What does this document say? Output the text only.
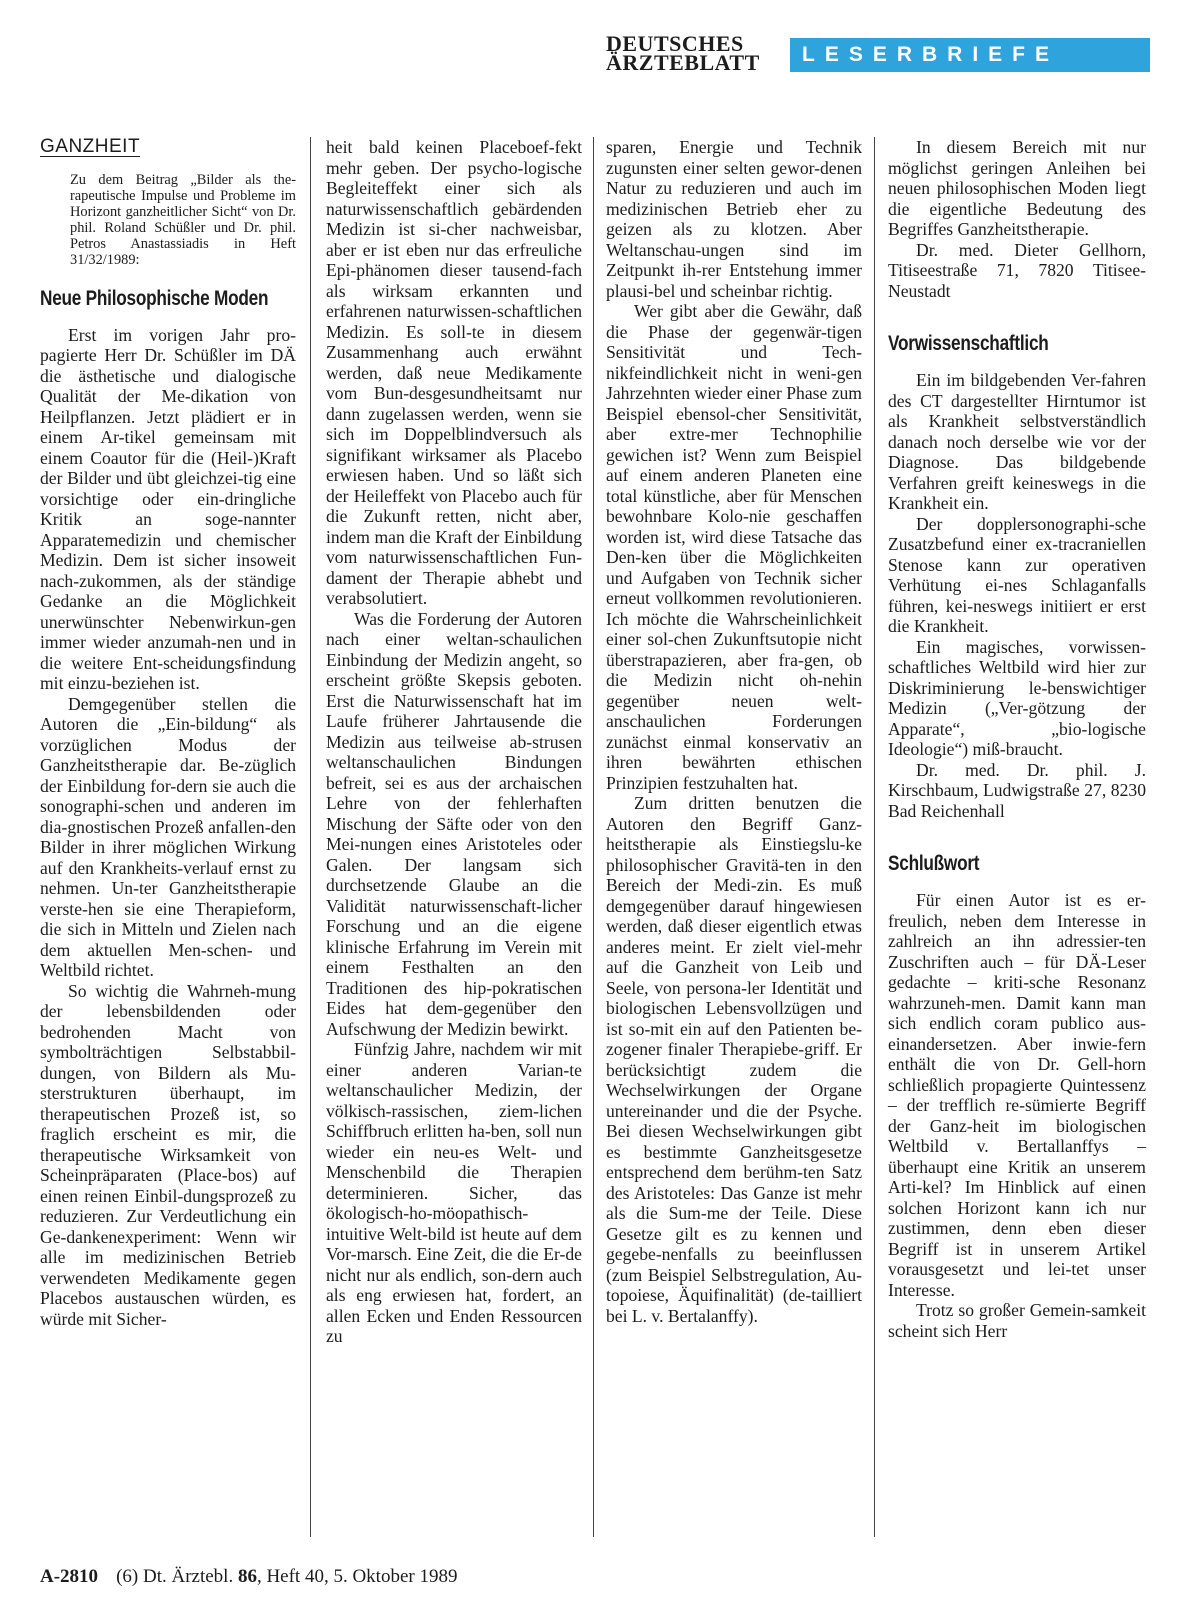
DEUTSCHES
ÄRZTEBLATT	LESERBRIEFE
GANZHEIT
Zu dem Beitrag „Bilder als the-rapeutische Impulse und Probleme im Horizont ganzheitlicher Sicht“ von Dr. phil. Roland Schüßler und Dr. phil. Petros Anastassiadis in Heft 31/32/1989:
Neue Philosophische Moden

Erst im vorigen Jahr pro-pagierte Herr Dr. Schüßler im DÄ die ästhetische und dialogische Qualität der Me-dikation von Heilpflanzen. Jetzt plädiert er in einem Ar-tikel gemeinsam mit einem Coautor für die (Heil-)Kraft der Bilder und übt gleichzei-tig eine vorsichtige oder ein-dringliche Kritik an soge-nannter Apparatemedizin und chemischer Medizin. Dem ist sicher insoweit nach-zukommen, als der ständige Gedanke an die Möglichkeit unerwünschter Nebenwirkun-gen immer wieder anzumah-nen und in die weitere Ent-scheidungsfindung mit einzu-beziehen ist.

Demgegenüber stellen die Autoren die „Ein-bildung“ als vorzüglichen Modus der Ganzheitstherapie dar. Be-züglich der Einbildung for-dern sie auch die sonographi-schen und anderen im dia-gnostischen Prozeß anfallen-den Bilder in ihrer möglichen Wirkung auf den Krankheits-verlauf ernst zu nehmen. Un-ter Ganzheitstherapie verste-hen sie eine Therapieform, die sich in Mitteln und Zielen nach dem aktuellen Men-schen- und Weltbild richtet.

So wichtig die Wahrneh-mung der lebensbildenden oder bedrohenden Macht von symbolträchtigen Selbstabbil-dungen, von Bildern als Mu-sterstrukturen überhaupt, im therapeutischen Prozeß ist, so fraglich erscheint es mir, die therapeutische Wirksamkeit von Scheinpräparaten (Place-bos) auf einen reinen Einbil-dungsprozeß zu reduzieren. Zur Verdeutlichung ein Ge-dankenexperiment: Wenn wir alle im medizinischen Betrieb verwendeten Medikamente gegen Placebos austauschen würden, es würde mit Sicher-

heit bald keinen Placeboef-fekt mehr geben. Der psycho-logische Begleiteffekt einer sich als naturwissenschaftlich gebärdenden Medizin ist si-cher nachweisbar, aber er ist eben nur das erfreuliche Epi-phänomen dieser tausend-fach als wirksam erkannten und erfahrenen naturwissen-schaftlichen Medizin. Es soll-te in diesem Zusammenhang auch erwähnt werden, daß neue Medikamente vom Bun-desgesundheitsamt nur dann zugelassen werden, wenn sie sich im Doppelblindversuch als signifikant wirksamer als Placebo erwiesen haben. Und so läßt sich der Heileffekt von Placebo auch für die Zukunft retten, nicht aber, indem man die Kraft der Einbildung vom naturwissenschaftlichen Fun-dament der Therapie abhebt und verabsolutiert.

Was die Forderung der Autoren nach einer weltan-schaulichen Einbindung der Medizin angeht, so erscheint größte Skepsis geboten. Erst die Naturwissenschaft hat im Laufe früherer Jahrtausende die Medizin aus teilweise ab-strusen weltanschaulichen Bindungen befreit, sei es aus der archaischen Lehre von der fehlerhaften Mischung der Säfte oder von den Mei-nungen eines Aristoteles oder Galen. Der langsam sich durchsetzende Glaube an die Validität naturwissenschaft-licher Forschung und an die eigene klinische Erfahrung im Verein mit einem Festhalten an den Traditionen des hip-pokratischen Eides hat dem-gegenüber den Aufschwung der Medizin bewirkt.

Fünfzig Jahre, nachdem wir mit einer anderen Varian-te weltanschaulicher Medizin, der völkisch-rassischen, ziem-lichen Schiffbruch erlitten ha-ben, soll nun wieder ein neu-es Welt- und Menschenbild die Therapien determinieren. Sicher, das ökologisch-ho-möopathisch-intuitive Welt-bild ist heute auf dem Vor-marsch. Eine Zeit, die die Er-de nicht nur als endlich, son-dern auch als eng erwiesen hat, fordert, an allen Ecken und Enden Ressourcen zu

sparen, Energie und Technik zugunsten einer selten gewor-denen Natur zu reduzieren und auch im medizinischen Betrieb eher zu geizen als zu klotzen. Aber Weltanschau-ungen sind im Zeitpunkt ih-rer Entstehung immer plausi-bel und scheinbar richtig.

Wer gibt aber die Gewähr, daß die Phase der gegenwär-tigen Sensitivität und Tech-nikfeindlichkeit nicht in weni-gen Jahrzehnten wieder einer Phase zum Beispiel ebensol-cher Sensitivität, aber extre-mer Technophilie gewichen ist? Wenn zum Beispiel auf einem anderen Planeten eine total künstliche, aber für Menschen bewohnbare Kolo-nie geschaffen worden ist, wird diese Tatsache das Den-ken über die Möglichkeiten und Aufgaben von Technik sicher erneut vollkommen revolutionieren. Ich möchte die Wahrscheinlichkeit einer sol-chen Zukunftsutopie nicht überstrapazieren, aber fra-gen, ob die Medizin nicht oh-nehin gegenüber neuen welt-anschaulichen Forderungen zunächst einmal konservativ an ihren bewährten ethischen Prinzipien festzuhalten hat.

Zum dritten benutzen die Autoren den Begriff Ganz-heitstherapie als Einstiegslu-ke philosophischer Gravitä-ten in den Bereich der Medi-zin. Es muß demgegenüber darauf hingewiesen werden, daß dieser eigentlich etwas anderes meint. Er zielt viel-mehr auf die Ganzheit von Leib und Seele, von persona-ler Identität und biologischen Lebensvollzügen und ist so-mit ein auf den Patienten be-zogener finaler Therapiebe-griff. Er berücksichtigt zudem die Wechselwirkungen der Organe untereinander und die der Psyche. Bei diesen Wechselwirkungen gibt es bestimmte Ganzheitsgesetze entsprechend dem berühm-ten Satz des Aristoteles: Das Ganze ist mehr als die Sum-me der Teile. Diese Gesetze gilt es zu kennen und gegebe-nenfalls zu beeinflussen (zum Beispiel Selbstregulation, Au-topoiese, Äquifinalität) (de-tailliert bei L. v. Bertalanffy).

In diesem Bereich mit nur möglichst geringen Anleihen bei neuen philosophischen Moden liegt die eigentliche Bedeutung des Begriffes Ganzheitstherapie.

Dr. med. Dieter Gellhorn, Titiseestraße 71, 7820 Titisee-Neustadt

Vorwissenschaftlich

Ein im bildgebenden Ver-fahren des CT dargestellter Hirntumor ist als Krankheit selbstverständlich danach noch derselbe wie vor der Diagnose. Das bildgebende Verfahren greift keineswegs in die Krankheit ein.

Der dopplersonographi-sche Zusatzbefund einer ex-tracraniellen Stenose kann zur operativen Verhütung ei-nes Schlaganfalls führen, kei-neswegs initiiert er erst die Krankheit.

Ein magisches, vorwissen-schaftliches Weltbild wird hier zur Diskriminierung le-benswichtiger Medizin („Ver-götzung der Apparate“, „bio-logische Ideologie“) miß-braucht.

Dr. med. Dr. phil. J. Kirschbaum, Ludwigstraße 27, 8230 Bad Reichenhall

Schlußwort

Für einen Autor ist es er-freulich, neben dem Interesse in zahlreich an ihn adressier-ten Zuschriften auch – für DÄ-Leser gedachte – kriti-sche Resonanz wahrzuneh-men. Damit kann man sich endlich coram publico aus-einandersetzen. Aber inwie-fern enthält die von Dr. Gell-horn schließlich propagierte Quintessenz – der trefflich re-sümierte Begriff der Ganz-heit im biologischen Weltbild v. Bertallanffys – überhaupt eine Kritik an unserem Arti-kel? Im Hinblick auf einen solchen Horizont kann ich nur zustimmen, denn eben dieser Begriff ist in unserem Artikel vorausgesetzt und lei-tet unser Interesse.

Trotz so großer Gemein-samkeit scheint sich Herr

A-2810 (6) Dt. Ärztebl. 86, Heft 40, 5. Oktober 1989
